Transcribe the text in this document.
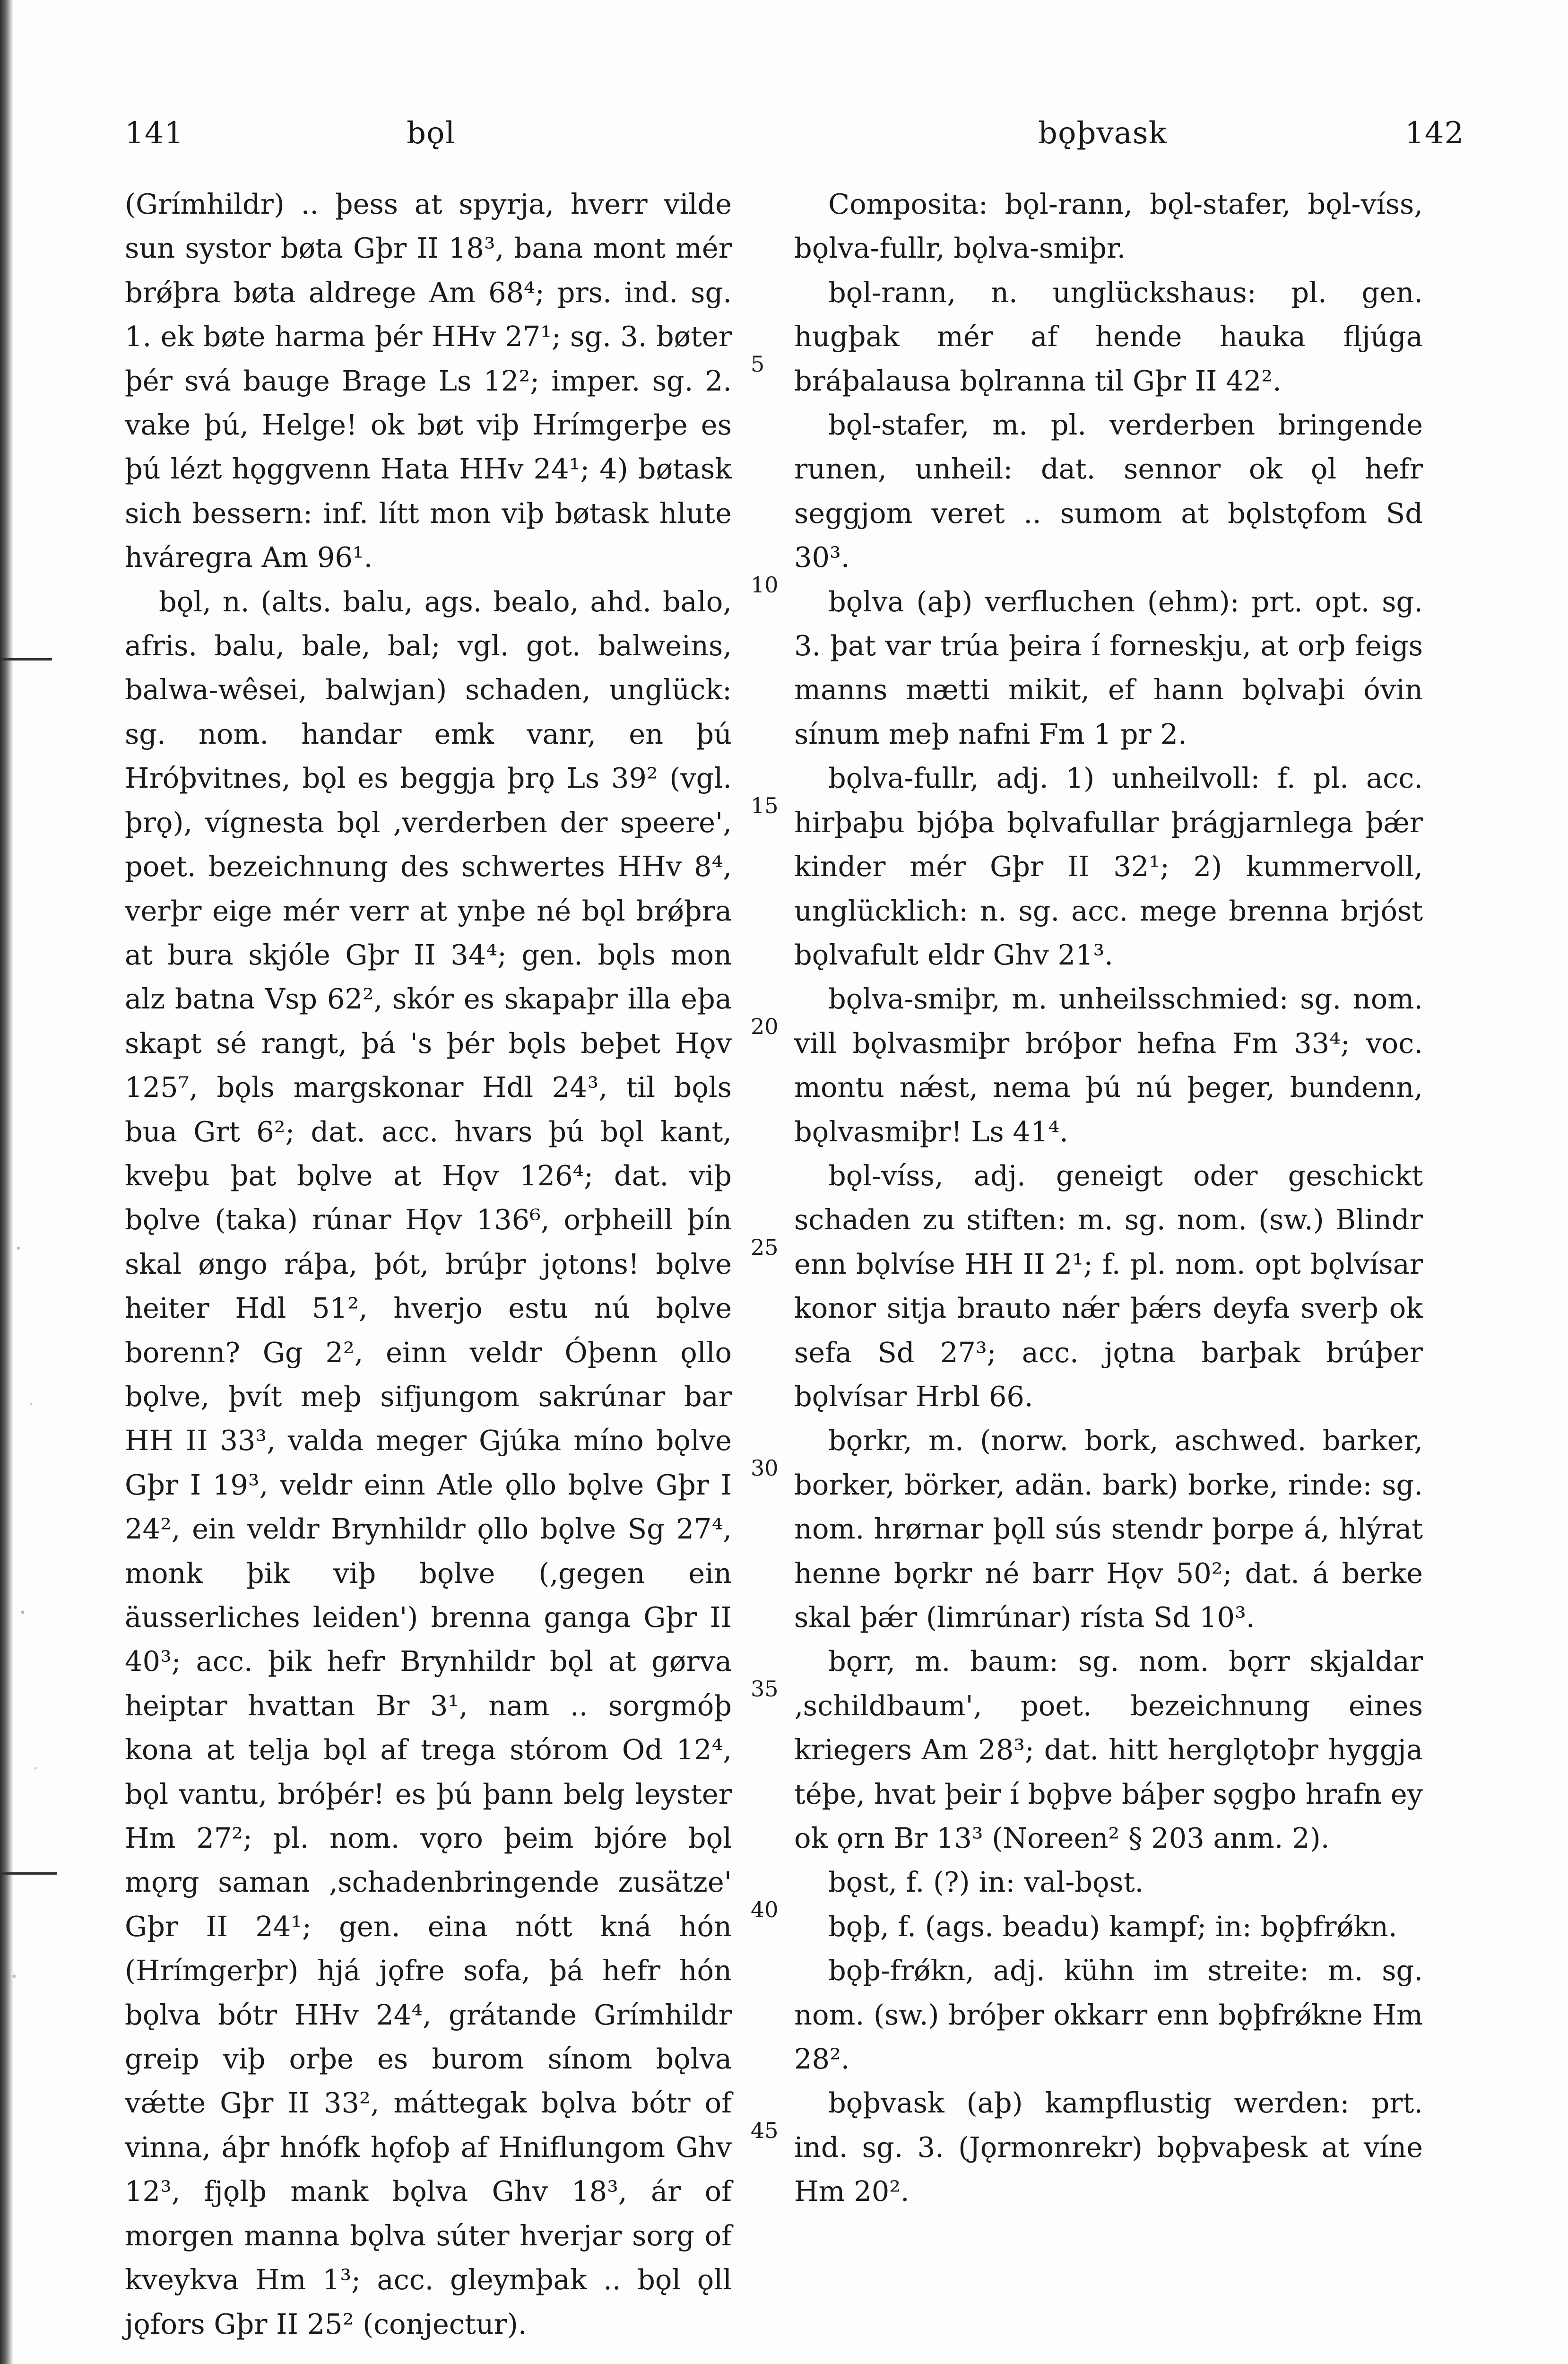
141	bǫl	bǫþvask	142

(Grímhildr) .. þess at spyrja, hverr vilde sun systor bøta Gþr II 18³, bana mont mér brǿþra bøta aldrege Am 68⁴; prs. ind. sg. 1. ek bøte harma þér HHv 27¹; sg. 3. bøter þér svá bauge Brage Ls 12²; imper. sg. 2. vake þú, Helge! ok bøt viþ Hrímgerþe es þú lézt hǫggvenn Hata HHv 24¹; 4) bøtask sich bessern: inf. lítt mon viþ bøtask hlute hváregra Am 96¹.

bǫl, n. (alts. balu, ags. bealo, ahd. balo, afris. balu, bale, bal; vgl. got. balweins, balwa-wêsei, balwjan) schaden, unglück: sg. nom. handar emk vanr, en þú Hróþvitnes, bǫl es beggja þrǫ Ls 39² (vgl. þrǫ), vígnesta bǫl ‚verderben der speere', poet. bezeichnung des schwertes HHv 8⁴, verþr eige mér verr at ynþe né bǫl brǿþra at bura skjóle Gþr II 34⁴; gen. bǫls mon alz batna Vsp 62², skór es skapaþr illa eþa skapt sé rangt, þá 's þér bǫls beþet Hǫv 125⁷, bǫls margskonar Hdl 24³, til bǫls bua Grt 6²; dat. acc. hvars þú bǫl kant, kveþu þat bǫlve at Hǫv 126⁴; dat. viþ bǫlve (taka) rúnar Hǫv 136⁶, orþheill þín skal øngo ráþa, þót, brúþr jǫtons! bǫlve heiter Hdl 51², hverjo estu nú bǫlve borenn? Gg 2², einn veldr Óþenn ǫllo bǫlve, þvít meþ sifjungom sakrúnar bar HH II 33³, valda meger Gjúka míno bǫlve Gþr I 19³, veldr einn Atle ǫllo bǫlve Gþr I 24², ein veldr Brynhildr ǫllo bǫlve Sg 27⁴, monk þik viþ bǫlve (‚gegen ein äusserliches leiden') brenna ganga Gþr II 40³; acc. þik hefr Brynhildr bǫl at gørva heiptar hvattan Br 3¹, nam .. sorgmóþ kona at telja bǫl af trega stórom Od 12⁴, bǫl vantu, bróþér! es þú þann belg leyster Hm 27²; pl. nom. vǫro þeim bjóre bǫl mǫrg saman ‚schadenbringende zusätze' Gþr II 24¹; gen. eina nótt kná hón (Hrímgerþr) hjá jǫfre sofa, þá hefr hón bǫlva bótr HHv 24⁴, grátande Grímhildr greip viþ orþe es burom sínom bǫlva vǽtte Gþr II 33², máttegak bǫlva bótr of vinna, áþr hnófk hǫfoþ af Hniflungom Ghv 12³, fjǫlþ mank bǫlva Ghv 18³, ár of morgen manna bǫlva súter hverjar sorg of kveykva Hm 1³; acc. gleymþak .. bǫl ǫll jǫfors Gþr II 25² (conjectur).

5
10
15
20
25
30
35
40
45

Composita: bǫl-rann, bǫl-stafer, bǫl-víss, bǫlva-fullr, bǫlva-smiþr.

bǫl-rann, n. unglückshaus: pl. gen. hugþak mér af hende hauka fljúga bráþalausa bǫlranna til Gþr II 42².

bǫl-stafer, m. pl. verderben bringende runen, unheil: dat. sennor ok ǫl hefr seggjom veret .. sumom at bǫlstǫfom Sd 30³.

bǫlva (aþ) verfluchen (ehm): prt. opt. sg. 3. þat var trúa þeira í forneskju, at orþ feigs manns mætti mikit, ef hann bǫlvaþi óvin sínum meþ nafni Fm 1 pr 2.

bǫlva-fullr, adj. 1) unheilvoll: f. pl. acc. hirþaþu bjóþa bǫlvafullar þrágjarnlega þǽr kinder mér Gþr II 32¹; 2) kummervoll, unglücklich: n. sg. acc. mege brenna brjóst bǫlvafult eldr Ghv 21³.

bǫlva-smiþr, m. unheilsschmied: sg. nom. vill bǫlvasmiþr bróþor hefna Fm 33⁴; voc. montu nǽst, nema þú nú þeger, bundenn, bǫlvasmiþr! Ls 41⁴.

bǫl-víss, adj. geneigt oder geschickt schaden zu stiften: m. sg. nom. (sw.) Blindr enn bǫlvíse HH II 2¹; f. pl. nom. opt bǫlvísar konor sitja brauto nǽr þǽrs deyfa sverþ ok sefa Sd 27³; acc. jǫtna barþak brúþer bǫlvísar Hrbl 66.

bǫrkr, m. (norw. bork, aschwed. barker, borker, börker, adän. bark) borke, rinde: sg. nom. hrørnar þǫll sús stendr þorpe á, hlýrat henne bǫrkr né barr Hǫv 50²; dat. á berke skal þǽr (limrúnar) rísta Sd 10³.

bǫrr, m. baum: sg. nom. bǫrr skjaldar ‚schildbaum', poet. bezeichnung eines kriegers Am 28³; dat. hitt herglǫtoþr hyggja téþe, hvat þeir í bǫþve báþer sǫgþo hrafn ey ok ǫrn Br 13³ (Noreen² § 203 anm. 2).

bǫst, f. (?) in: val-bǫst.

bǫþ, f. (ags. beadu) kampf; in: bǫþfrǿkn.

bǫþ-frǿkn, adj. kühn im streite: m. sg. nom. (sw.) bróþer okkarr enn bǫþfrǿkne Hm 28².

bǫþvask (aþ) kampflustig werden: prt. ind. sg. 3. (Jǫrmonrekr) bǫþvaþesk at víne Hm 20².
